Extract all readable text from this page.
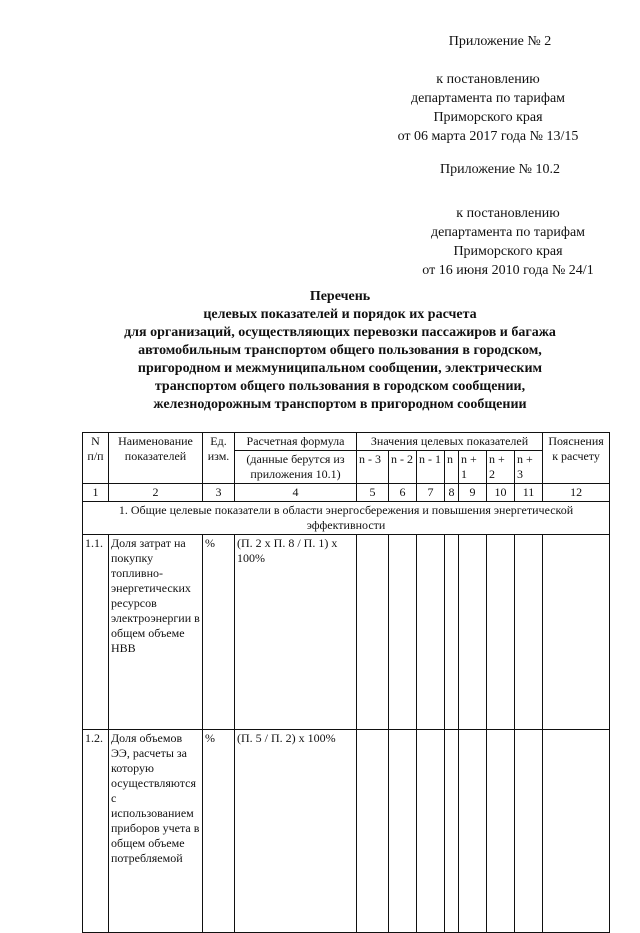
Приложение № 2
к постановлению
департамента по тарифам
Приморского края
от 06 марта 2017 года № 13/15
Приложение № 10.2
к постановлению
департамента по тарифам
Приморского края
от 16 июня 2010 года № 24/1
Перечень
целевых показателей и порядок их расчета
для организаций, осуществляющих перевозки пассажиров и багажа
автомобильным транспортом общего пользования в городском,
пригородном и межмуниципальном сообщении, электрическим
транспортом общего пользования в городском сообщении,
железнодорожным транспортом в пригородном сообщении
N п/п	Наименование показателей	Ед. изм.	Расчетная формула	Значения целевых показателей							Пояснения к расчету
			(данные берутся из приложения 10.1)	n - 3	n - 2	n - 1	n	n + 1	n + 2	n + 3	
1	2	3	4	5	6	7	8	9	10	11	12
1. Общие целевые показатели в области энергосбережения и повышения энергетической эффективности											
1.1.	Доля затрат на покупку топливно-энергетических ресурсов электроэнергии в общем объеме НВВ	%	(П. 2 х П. 8 / П. 1) х 100%								
1.2.	Доля объемов ЭЭ, расчеты за которую осуществляются с использованием приборов учета в общем объеме потребляемой	%	(П. 5 / П. 2) х 100%								
